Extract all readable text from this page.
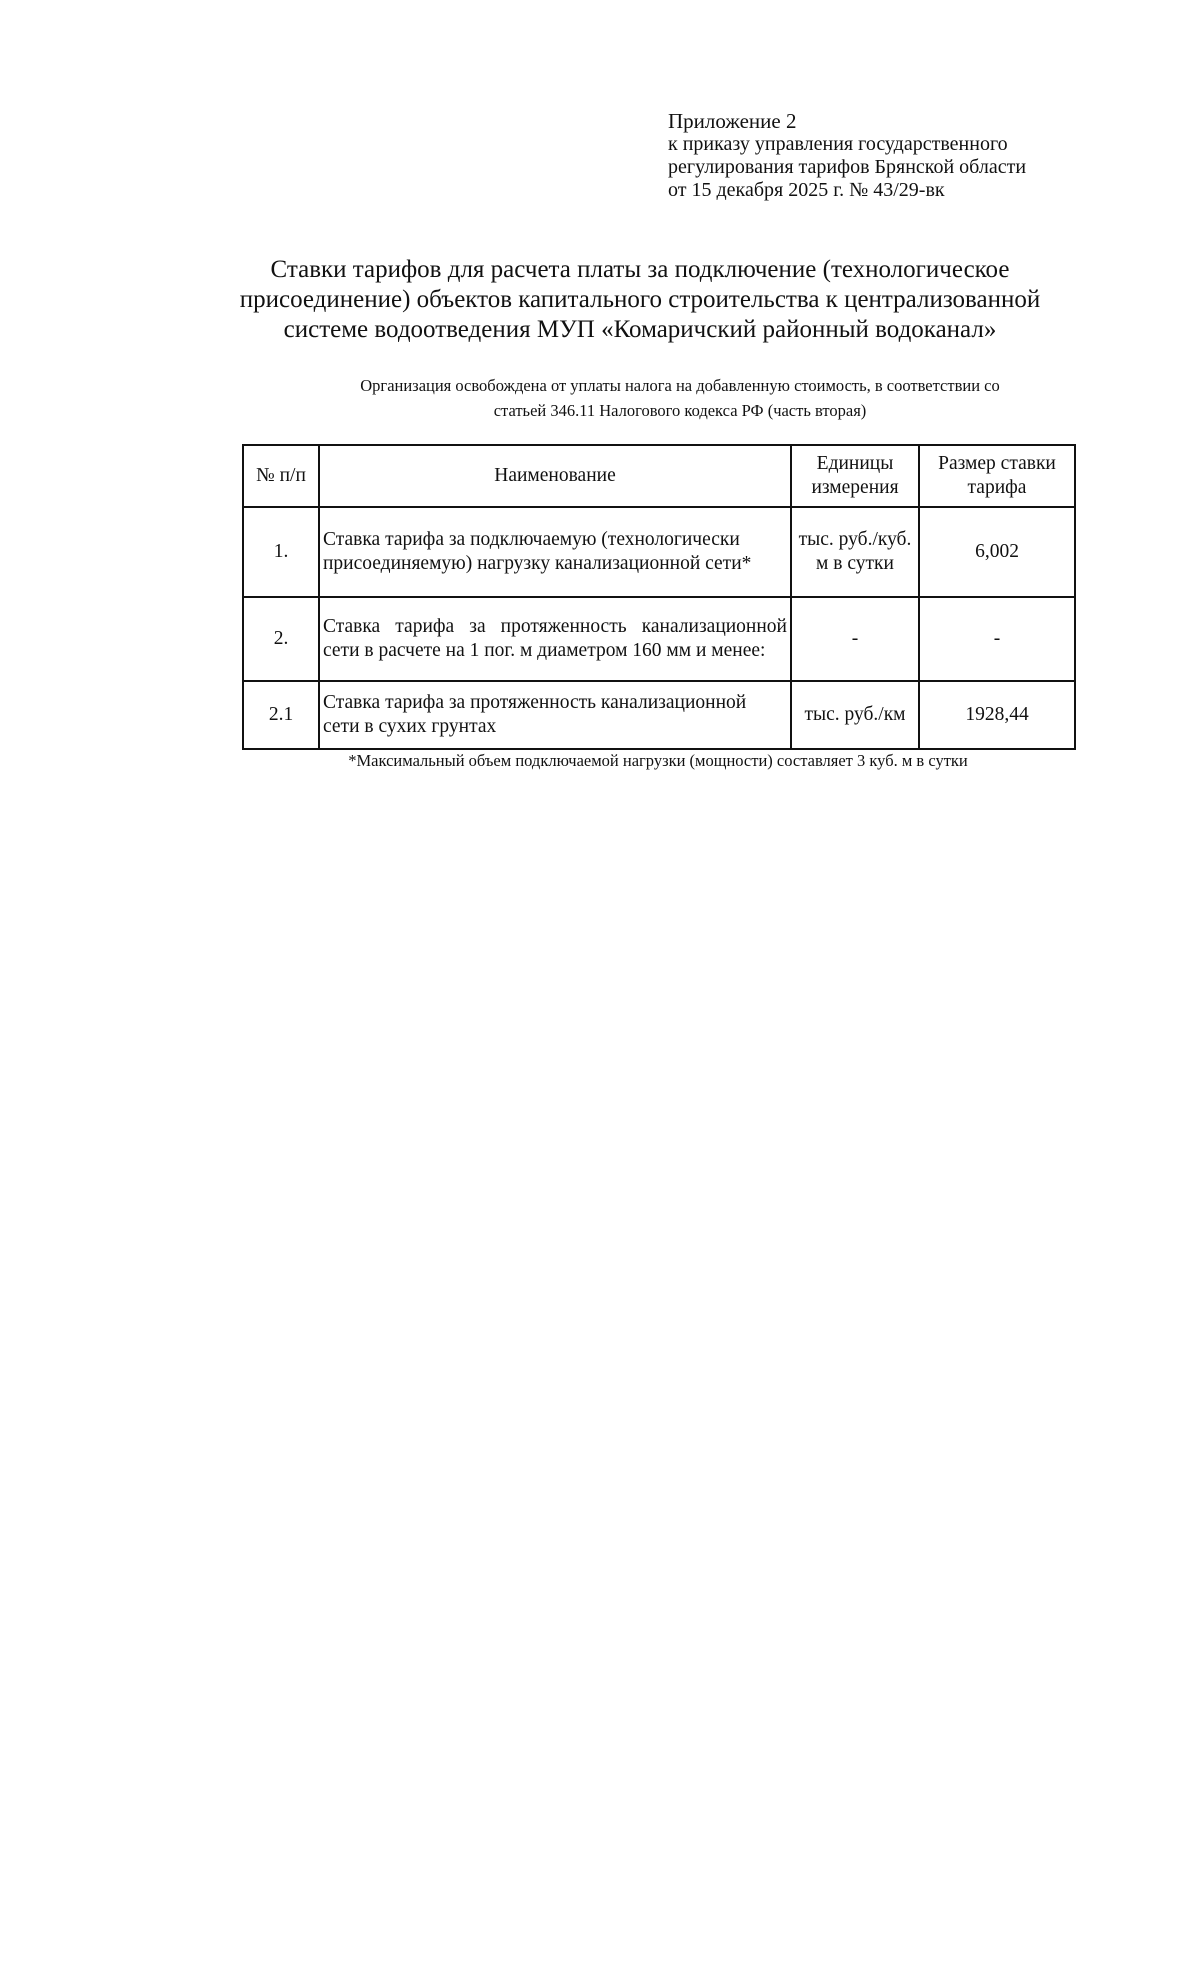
Приложение 2
к приказу управления государственного
регулирования тарифов Брянской области
от 15 декабря 2025 г. № 43/29-вк
Ставки тарифов для расчета платы за подключение (технологическое
присоединение) объектов капитального строительства к централизованной
системе водоотведения МУП «Комаричский районный водоканал»
Организация освобождена от уплаты налога на добавленную стоимость, в соответствии со
статьей 346.11 Налогового кодекса РФ (часть вторая)
№ п/п	Наименование	Единицы измерения	Размер ставки тарифа
1.	Ставка тарифа за подключаемую (технологически присоединяемую) нагрузку канализационной сети*	тыс. руб./куб. м в сутки	6,002
2.	Ставка тарифа за протяженность канализационной сети в расчете на 1 пог. м диаметром 160 мм и менее:	-	-
2.1	Ставка тарифа за протяженность канализационной сети в сухих грунтах	тыс. руб./км	1928,44
*Максимальный объем подключаемой нагрузки (мощности) составляет 3 куб. м в сутки
